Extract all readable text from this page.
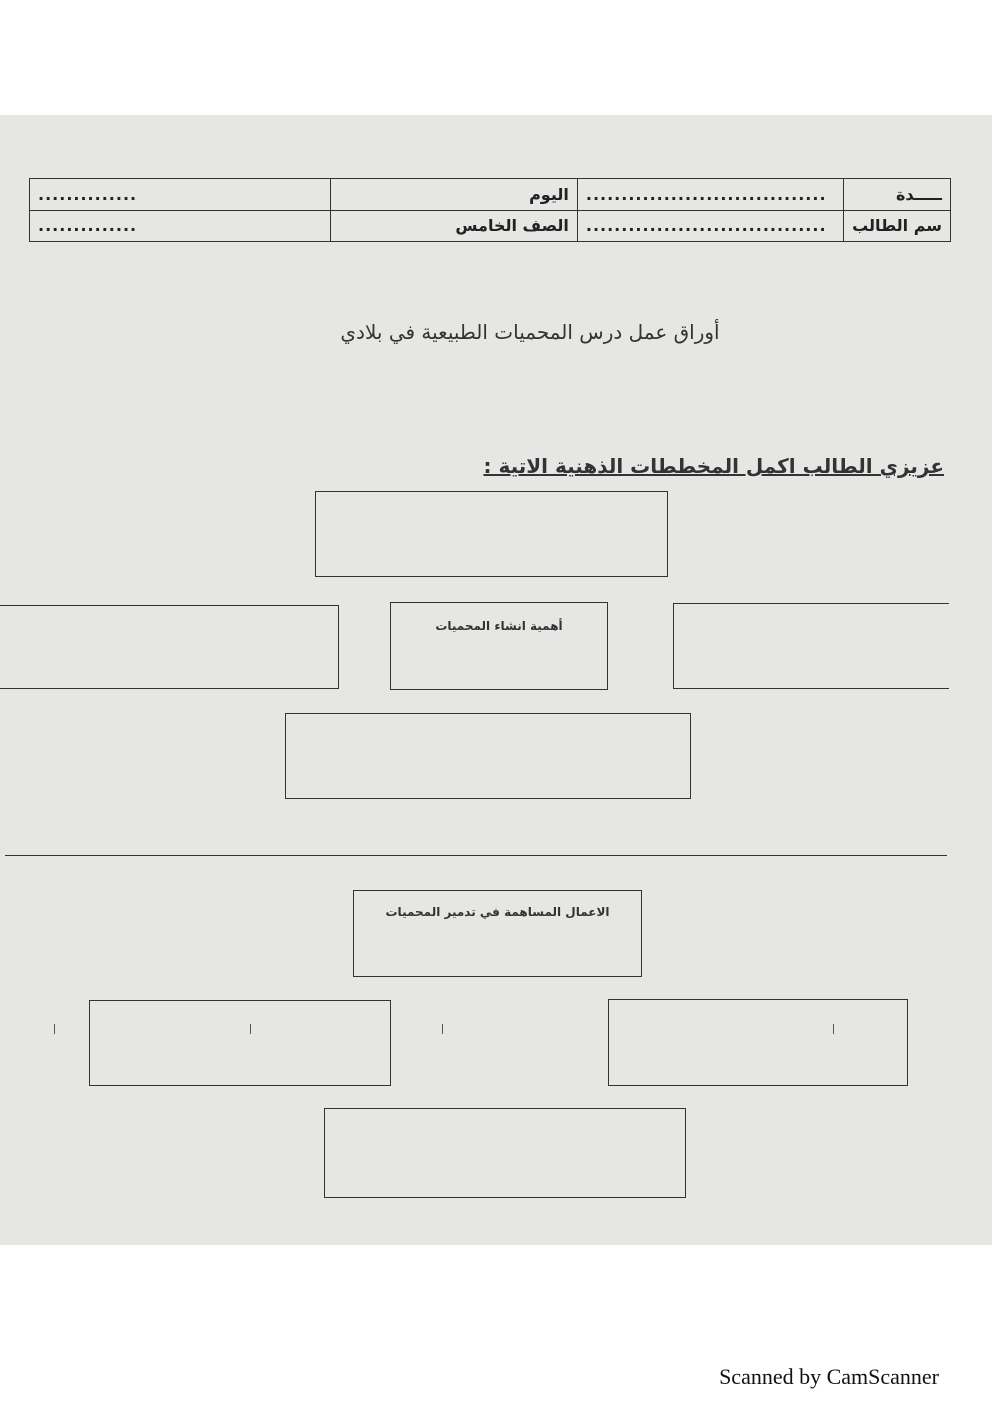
ـــــدة	..................................	اليوم	..............
سم الطالب	..................................	الصف الخامس	..............
أوراق عمل درس المحميات الطبيعية في بلادي
عزيزي الطالب اكمل المخططات الذهنية الاتية :
أهمية انشاء المحميات
الاعمال المساهمة في تدمير المحميات
Scanned by CamScanner
